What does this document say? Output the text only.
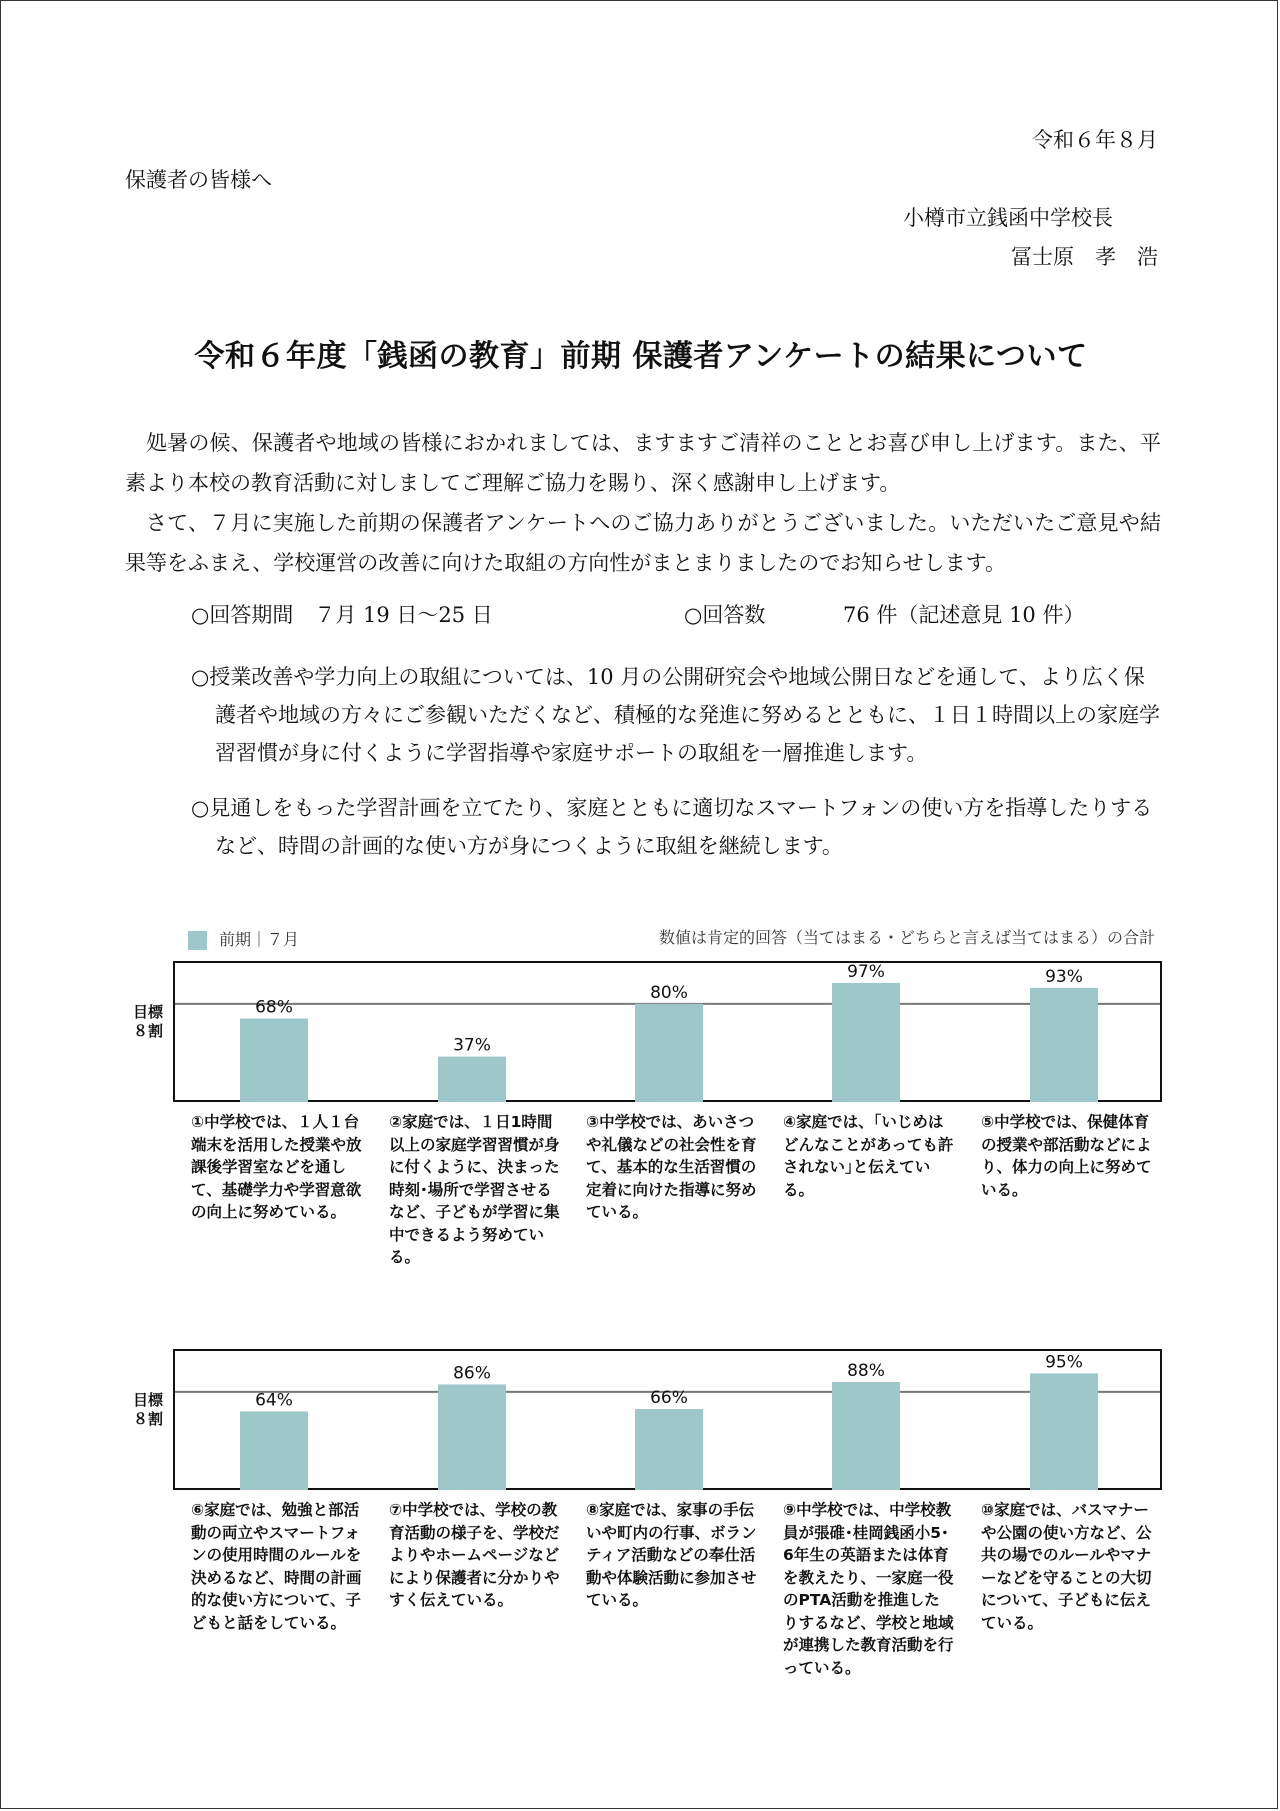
令和６年８月
保護者の皆様へ
小樽市立銭函中学校長
冨士原　孝　浩
令和６年度「銭函の教育」前期 保護者アンケートの結果について

処暑の候、保護者や地域の皆様におかれましては、ますますご清祥のこととお喜び申し上げます。また、平素より本校の教育活動に対しましてご理解ご協力を賜り、深く感謝申し上げます。

さて、７月に実施した前期の保護者アンケートへのご協力ありがとうございました。いただいたご意見や結果等をふまえ、学校運営の改善に向けた取組の方向性がまとまりましたのでお知らせします。

○回答期間　７月 19 日～25 日	○回答数	76 件（記述意見 10 件）
○授業改善や学力向上の取組については、10 月の公開研究会や地域公開日などを通して、より広く保護者や地域の方々にご参観いただくなど、積極的な発進に努めるとともに、１日１時間以上の家庭学習習慣が身に付くように学習指導や家庭サポートの取組を一層推進します。
○見通しをもった学習計画を立てたり、家庭とともに適切なスマートフォンの使い方を指導したりするなど、時間の計画的な使い方が身につくように取組を継続します。
前期｜７月	数値は肯定的回答（当てはまる・どちらと言えば当てはまる）の合計
目標
８割
68%
37%
80%
97%	93%
①中学校では、１人１台端末を活用した授業や放課後学習室などを通して、基礎学力や学習意欲の向上に努めている。
②家庭では、１日1時間以上の家庭学習習慣が身に付くように、決まった時刻･場所で学習させるなど、子どもが学習に集中できるよう努めている。
③中学校では、あいさつや礼儀などの社会性を育て、基本的な生活習慣の定着に向けた指導に努めている。
④家庭では、｢いじめはどんなことがあっても許されない｣と伝えている。
⑤中学校では、保健体育の授業や部活動などにより、体力の向上に努めている。
目標
８割
64%
86%
66%
88%	95%
⑥家庭では、勉強と部活動の両立やスマートフォンの使用時間のルールを決めるなど、時間の計画的な使い方について、子どもと話をしている。
⑦中学校では、学校の教育活動の様子を、学校だよりやホームページなどにより保護者に分かりやすく伝えている。
⑧家庭では、家事の手伝いや町内の行事、ボランティア活動などの奉仕活動や体験活動に参加させている。
⑨中学校では、中学校教員が張碓･桂岡銭函小5･6年生の英語または体育を教えたり、一家庭一役のPTA活動を推進したりするなど、学校と地域が連携した教育活動を行っている。
⑩家庭では、バスマナーや公園の使い方など、公共の場でのルールやマナーなどを守ることの大切について、子どもに伝えている。
